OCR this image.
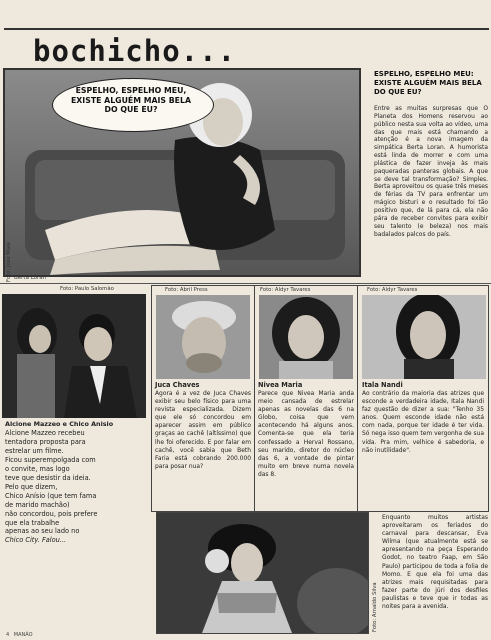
bochicho...
ESPELHO, ESPELHO MEU, EXISTE ALGUÉM MAIS BELA DO QUE EU?
Foto: Jose Maia Berta Loran
ESPELHO, ESPELHO MEU: EXISTE ALGUÉM MAIS BELA DO QUE EU?
Entre as muitas surpresas que O Planeta dos Homens reservou ao público nesta sua volta ao vídeo, uma das que mais está chamando a atenção é a nova imagem da simpática Berta Loran. A humorista está linda de morrer e com uma plástica de fazer inveja às mais paqueradas panteras globais. A que se deve tal transformação? Simples. Berta aproveitou os quase três meses de férias da TV para enfrentar um mágico bisturi e o resultado foi tão positivo que, de lá para cá, ela não pára de receber convites para exibir seu talento (e beleza) nos mais badalados palcos do país.
Foto: Paulo Salomão
Alcione Mazzeo e Chico Anisio
Alcione Mazzeo recebeu
tentadora proposta para
estrelar um filme.
Ficou superempolgada com
o convite, mas logo
teve que desistir da ideia.
Pelo que dizem,
Chico Anísio (que tem fama
de marido machão)
não concordou, pois prefere
que ela trabalhe
apenas ao seu lado no
Chico City. Falou...
Foto: Abril Press
Juca Chaves
Agora é a vez de Juca Chaves exibir seu belo físico para uma revista especializada. Dizem que ele só concordou em aparecer assim em público graças ao cachê (altíssimo) que lhe foi oferecido. E por falar em cachê, você sabia que Beth Faria está cobrando 200.000 para posar nua?
Foto: Aldyr Tavares
Nivea Maria
Parece que Nivea Maria anda meio cansada de estrelar apenas as novelas das 6 na Globo, coisa que vem acontecendo há alguns anos. Comenta-se que ela teria confessado a Herval Rossano, seu marido, diretor do núcleo das 6, a vontade de pintar muito em breve numa novela das 8.
Foto: Aldyr Tavares
Itala Nandi
Ao contrário da maioria das atrizes que esconde a verdadeira idade, Itala Nandi faz questão de dizer a sua: "Tenho 35 anos. Quem esconde idade não está com nada, porque ter idade é ter vida. Só nega isso quem tem vergonha de sua vida. Pra mim, velhice é sabedoria, e não inutilidade".
Foto: Arnaldo Silva
Enquanto muitos artistas aproveitaram os feriados do carnaval para descansar, Eva Wilma (que atualmente está se apresentando na peça Esperando Godot, no teatro Faap, em São Paulo) participou de toda a folia de Momo. E que ela foi uma das atrizes mais requisitadas para fazer parte do júri dos desfiles paulistas e teve que ir todas as noites para a avenida.
4 MANÁO
